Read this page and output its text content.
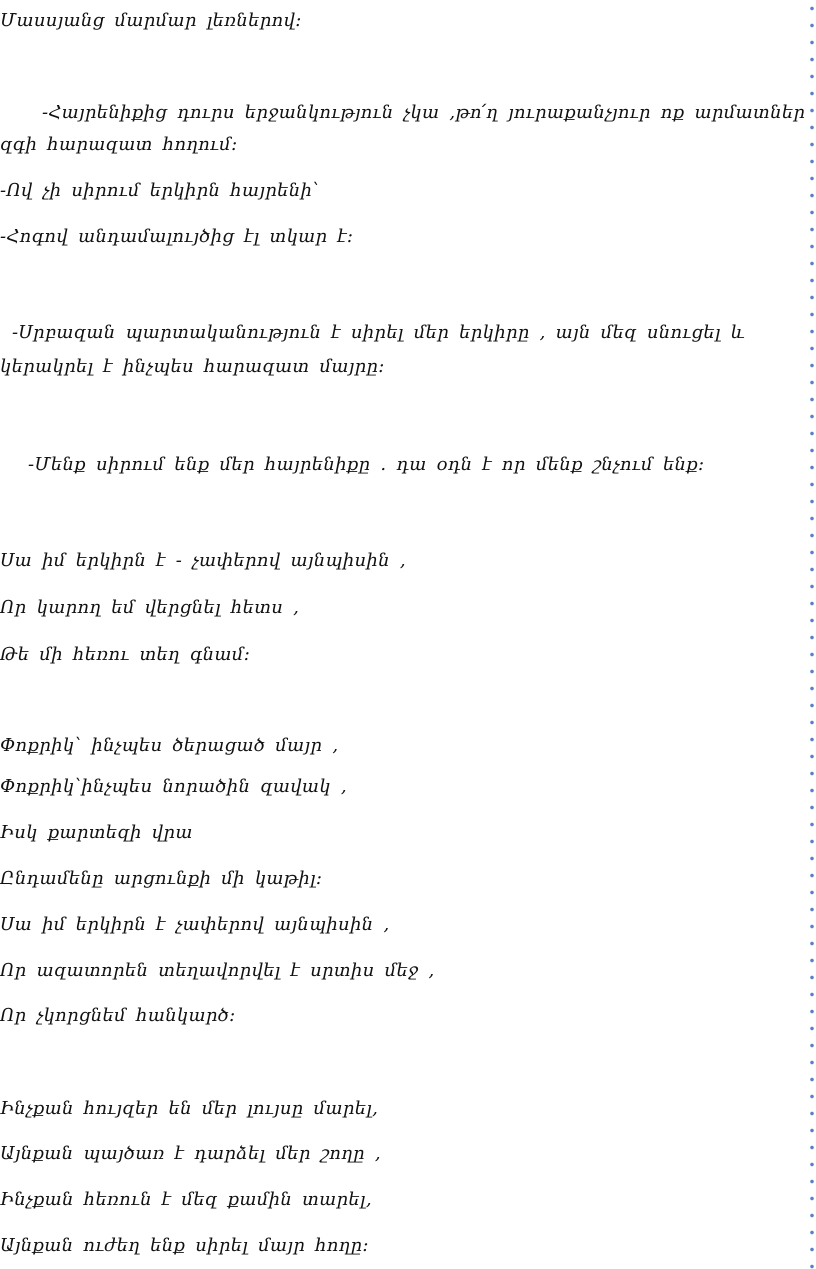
Մասսյանց մարմար լեռներով։
-Հայրենիքից դուրս երջանկություն չկա ,թո՛ղ յուրաքանչյուր ոք արմատներ
զգի հարազատ հողում։
-Ով չի սիրում երկիրն հայրենի՝
-Հոգով անդամալույծից էլ տկար է։
-Սրբազան պարտականություն է սիրել մեր երկիրը , այն մեզ սնուցել և
կերակրել է ինչպես հարազատ մայրը։
-Մենք սիրում ենք մեր հայրենիքը . դա օդն է որ մենք շնչում ենք։
Սա իմ երկիրն է - չափերով այնպիսին ,
Որ կարող եմ վերցնել հետս ,
Թե մի հեռու տեղ գնամ։
Փոքրիկ՝ ինչպես ծերացած մայր ,
Փոքրիկ՝ինչպես նորածին զավակ ,
Իսկ քարտեզի վրա
Ընդամենը արցունքի մի կաթիլ։
Սա իմ երկիրն է չափերով այնպիսին ,
Որ ազատորեն տեղավորվել է սրտիս մեջ ,
Որ չկորցնեմ հանկարծ։
Ինչքան հույզեր են մեր լույսը մարել,
Այնքան պայծառ է դարձել մեր շողը ,
Ինչքան հեռուն է մեզ քամին տարել,
Այնքան ուժեղ ենք սիրել մայր հողը։
